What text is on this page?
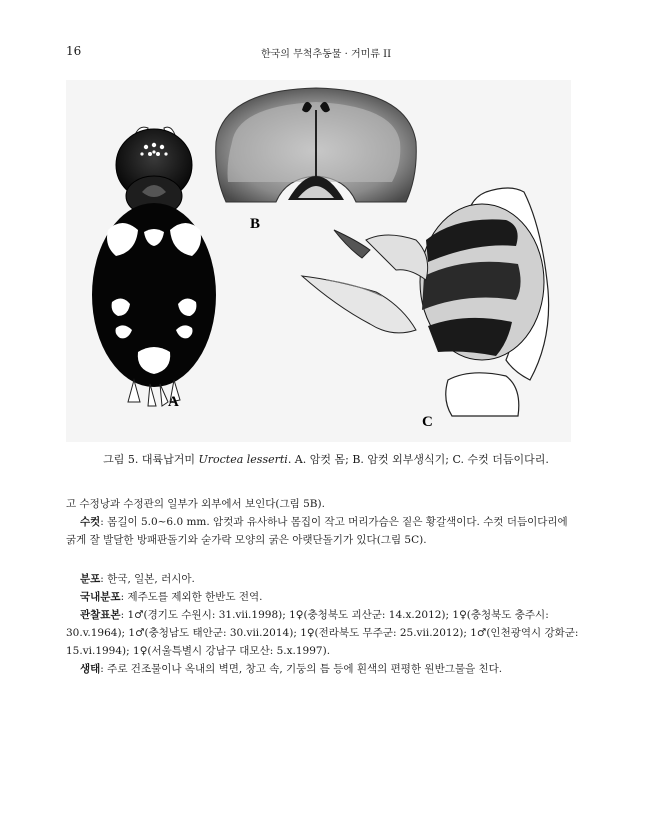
16	한국의 무척추동물 · 거미류 II
A
B
C
그림 5. 대륙납거미 Uroctea lesserti. A. 암컷 몸; B. 암컷 외부생식기; C. 수컷 더듬이다리.

고 수정낭과 수정관의 일부가 외부에서 보인다(그림 5B).

수컷: 몸길이 5.0~6.0 mm. 암컷과 유사하나 몸집이 작고 머리가슴은 짙은 황갈색이다. 수컷 더듬이다리에 굵게 잘 발달한 방패판돌기와 숟가락 모양의 굵은 아랫단돌기가 있다(그림 5C).

분포: 한국, 일본, 러시아.

국내분포: 제주도를 제외한 한반도 전역.

관찰표본: 1♂(경기도 수원시: 31.vii.1998); 1♀(충청북도 괴산군: 14.x.2012); 1♀(충청북도 충주시: 30.v.1964); 1♂(충청남도 태안군: 30.vii.2014); 1♀(전라북도 무주군: 25.vii.2012); 1♂(인천광역시 강화군: 15.vi.1994); 1♀(서울특별시 강남구 대모산: 5.x.1997).

생태: 주로 건조물이나 옥내의 벽면, 창고 속, 기둥의 틈 등에 흰색의 편평한 원반그물을 친다.
